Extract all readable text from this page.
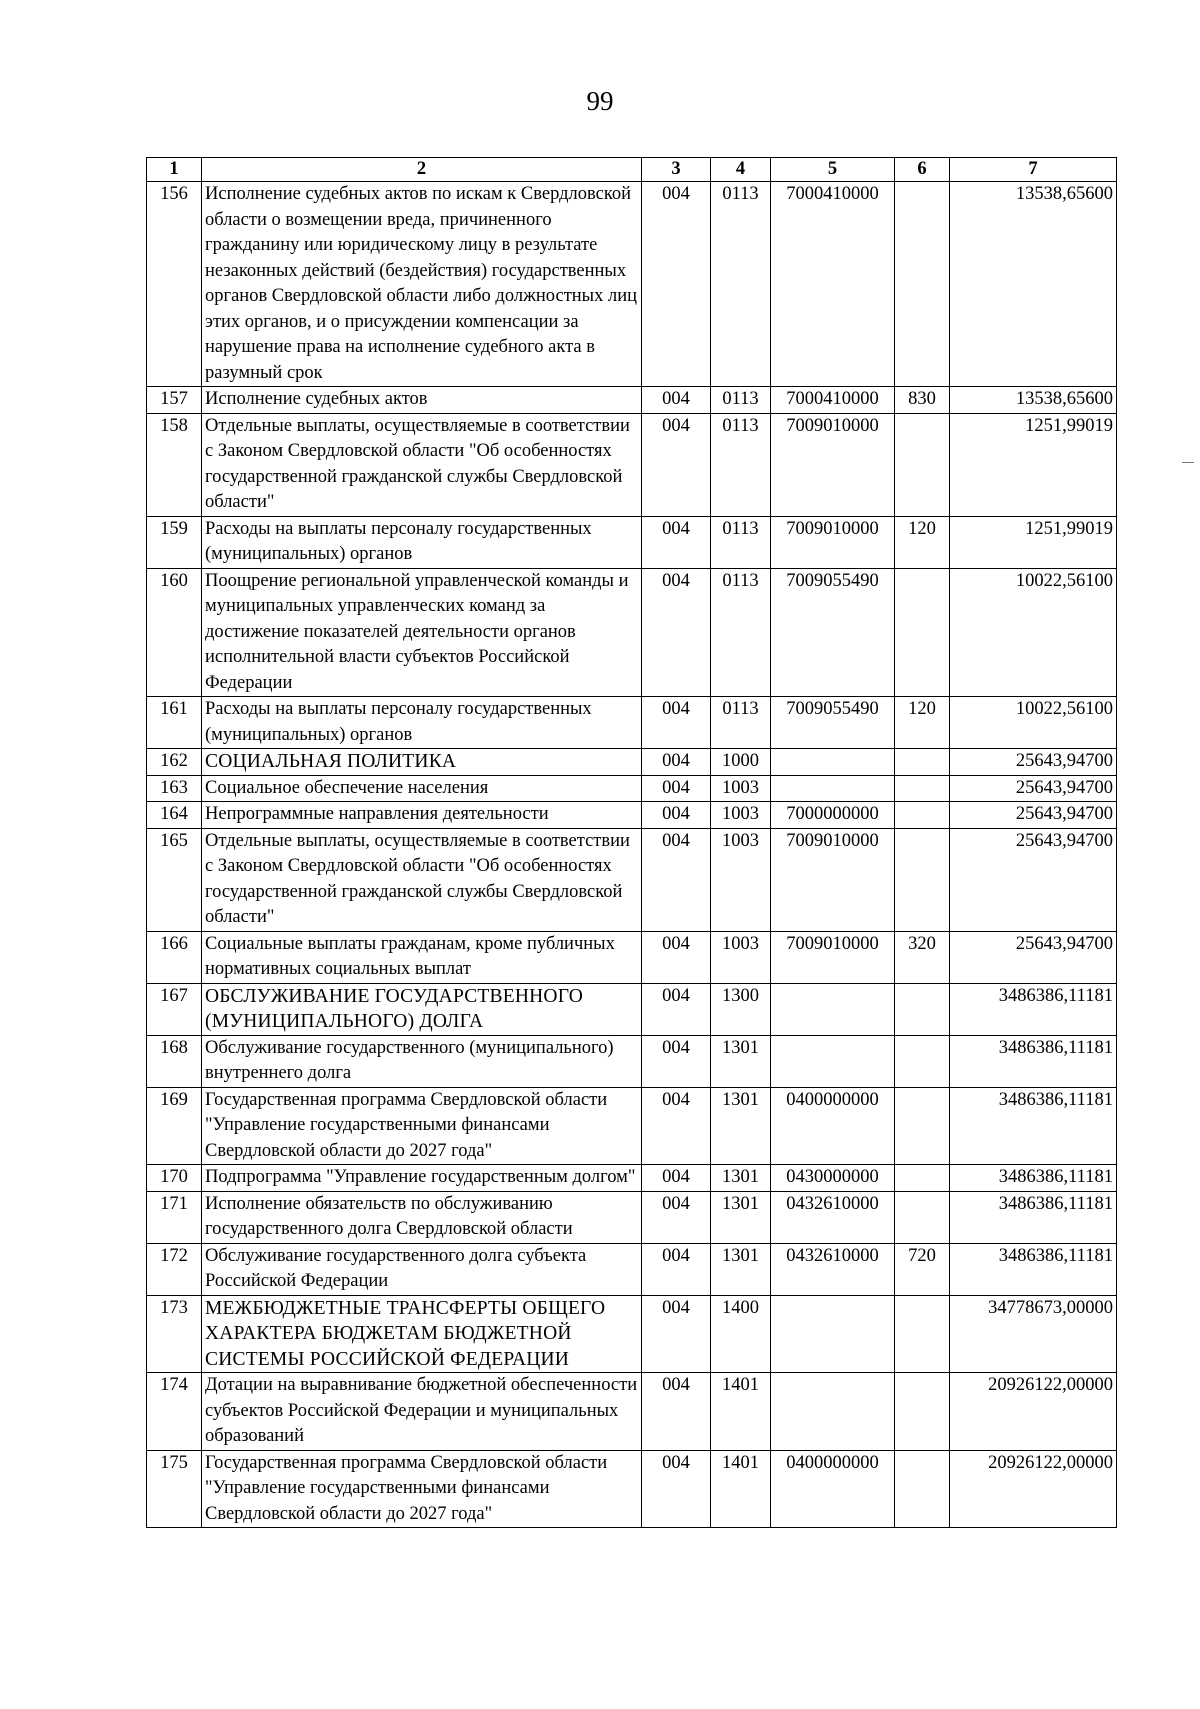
99
1	2	3	4	5	6	7
156	Исполнение судебных актов по искам к Свердловской области о возмещении вреда, причиненного гражданину или юридическому лицу в результате незаконных действий (бездействия) государственных органов Свердловской области либо должностных лиц этих органов, и о присуждении компенсации за нарушение права на исполнение судебного акта в разумный срок	004	0113	7000410000		13538,65600
157	Исполнение судебных актов	004	0113	7000410000	830	13538,65600
158	Отдельные выплаты, осуществляемые в соответствии с Законом Свердловской области "Об особенностях государственной гражданской службы Свердловской области"	004	0113	7009010000		1251,99019
159	Расходы на выплаты персоналу государственных (муниципальных) органов	004	0113	7009010000	120	1251,99019
160	Поощрение региональной управленческой команды и муниципальных управленческих команд за достижение показателей деятельности органов исполнительной власти субъектов Российской Федерации	004	0113	7009055490		10022,56100
161	Расходы на выплаты персоналу государственных (муниципальных) органов	004	0113	7009055490	120	10022,56100
162	СОЦИАЛЬНАЯ ПОЛИТИКА	004	1000			25643,94700
163	Социальное обеспечение населения	004	1003			25643,94700
164	Непрограммные направления деятельности	004	1003	7000000000		25643,94700
165	Отдельные выплаты, осуществляемые в соответствии с Законом Свердловской области "Об особенностях государственной гражданской службы Свердловской области"	004	1003	7009010000		25643,94700
166	Социальные выплаты гражданам, кроме публичных нормативных социальных выплат	004	1003	7009010000	320	25643,94700
167	ОБСЛУЖИВАНИЕ ГОСУДАРСТВЕННОГО (МУНИЦИПАЛЬНОГО) ДОЛГА	004	1300			3486386,11181
168	Обслуживание государственного (муниципального) внутреннего долга	004	1301			3486386,11181
169	Государственная программа Свердловской области "Управление государственными финансами Свердловской области до 2027 года"	004	1301	0400000000		3486386,11181
170	Подпрограмма "Управление государственным долгом"	004	1301	0430000000		3486386,11181
171	Исполнение обязательств по обслуживанию государственного долга Свердловской области	004	1301	0432610000		3486386,11181
172	Обслуживание государственного долга субъекта Российской Федерации	004	1301	0432610000	720	3486386,11181
173	МЕЖБЮДЖЕТНЫЕ ТРАНСФЕРТЫ ОБЩЕГО ХАРАКТЕРА БЮДЖЕТАМ БЮДЖЕТНОЙ СИСТЕМЫ РОССИЙСКОЙ ФЕДЕРАЦИИ	004	1400			34778673,00000
174	Дотации на выравнивание бюджетной обеспеченности субъектов Российской Федерации и муниципальных образований	004	1401			20926122,00000
175	Государственная программа Свердловской области "Управление государственными финансами Свердловской области до 2027 года"	004	1401	0400000000		20926122,00000
